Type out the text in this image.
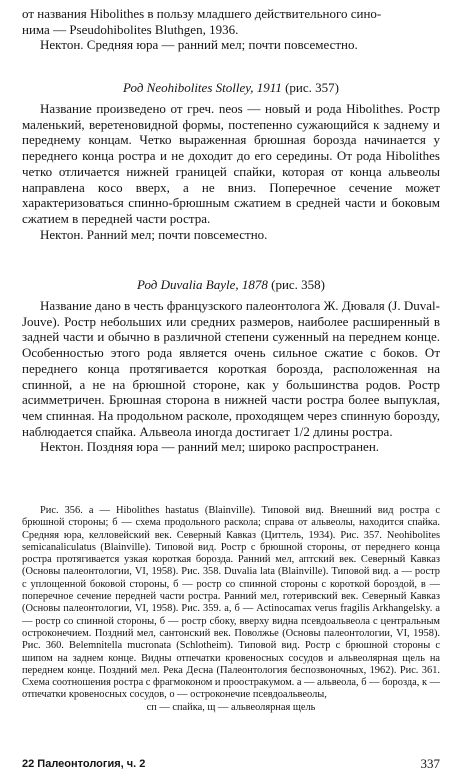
от названия Hibolithes в пользу младшего действительного сино-

нима — Pseudohibolites Bluthgen, 1936.

Нектон. Средняя юра — ранний мел; почти повсеместно.

Род Neohibolites Stolley, 1911 (рис. 357)

Название произведено от греч. neos — новый и рода Hibolithes. Ростр маленький, веретеновидной формы, постепенно сужающийся к заднему и переднему концам. Четко выраженная брюшная борозда начинается у переднего конца ростра и не доходит до его середины. От рода Hibolithes четко отличается нижней границей спайки, которая от конца альвеолы направлена косо вверх, а не вниз. Поперечное сечение может характеризоваться спинно-брюшным сжатием в средней части и боковым сжатием в передней части ростра.

Нектон. Ранний мел; почти повсеместно.

Род Duvalia Bayle, 1878 (рис. 358)

Название дано в честь французского палеонтолога Ж. Дюваля (J. Duval-Jouve). Ростр небольших или средних размеров, наиболее расширенный в задней части и обычно в различной степени суженный на переднем конце. Особенностью этого рода является очень сильное сжатие с боков. От переднего конца протягивается короткая борозда, расположенная на спинной, а не на брюшной стороне, как у большинства родов. Ростр асимметричен. Брюшная сторона в нижней части ростра более выпуклая, чем спинная. На продольном расколе, проходящем через спинную борозду, наблюдается спайка. Альвеола иногда достигает 1/2 длины ростра.

Нектон. Поздняя юра — ранний мел; широко распространен.

Рис. 356. а — Hibolithes hastatus (Blainville). Типовой вид. Внешний вид ростра с брюшной стороны; б — схема продольного раскола; справа от альвеолы, находится спайка. Средняя юра, келловейский век. Северный Кавказ (Циттель, 1934). Рис. 357. Neohibolites semicanaliculatus (Blainville). Типовой вид. Ростр с брюшной стороны, от переднего конца ростра протягивается узкая короткая борозда. Ранний мел, аптский век. Северный Кавказ (Основы палеонтологии, VI, 1958). Рис. 358. Duvalia lata (Blainville). Типовой вид. а — ростр с уплощенной боковой стороны, б — ростр со спинной стороны с короткой бороздой, в — поперечное сечение передней части ростра. Ранний мел, готеривский век. Северный Кавказ (Основы палеонтологии, VI, 1958). Рис. 359. а, б — Actinocamax verus fragilis Arkhangelsky. а — ростр со спинной стороны, б — ростр сбоку, вверху видна псевдоальвеола с центральным остроконечием. Поздний мел, сантонский век. Поволжье (Основы палеонтологии, VI, 1958). Рис. 360. Belemnitella mucronata (Schlotheim). Типовой вид. Ростр с брюшной стороны с шипом на заднем конце. Видны отпечатки кровеносных сосудов и альвеолярная щель на переднем конце. Поздний мел. Река Десна (Палеонтология беспозвоночных, 1962). Рис. 361. Схема соотношения ростра с фрагмоконом и проостракумом. а — альвеола, б — борозда, к — отпечатки кровеносных сосудов, о — остроконечие псевдоальвеолы,

сп — спайка, щ — альвеолярная щель

22 Палеонтология, ч. 2	337
